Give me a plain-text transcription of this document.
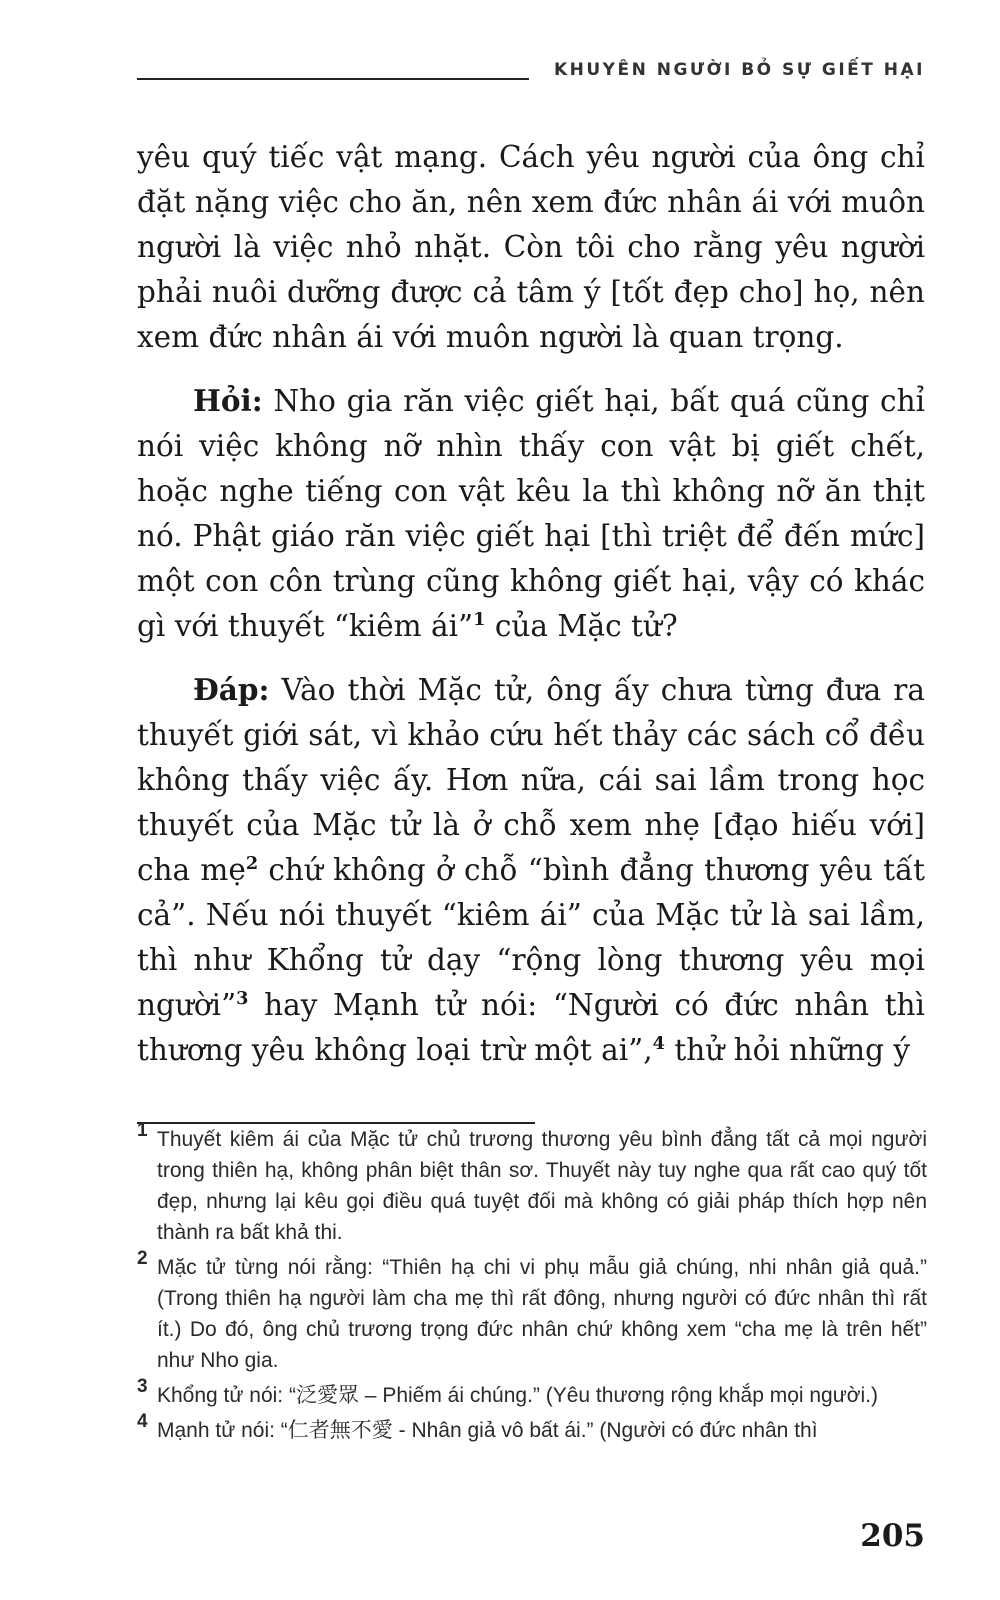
KHUYÊN NGƯỜI BỎ SỰ GIẾT HẠI

yêu quý tiếc vật mạng. Cách yêu người của ông chỉ đặt nặng việc cho ăn, nên xem đức nhân ái với muôn người là việc nhỏ nhặt. Còn tôi cho rằng yêu người phải nuôi dưỡng được cả tâm ý [tốt đẹp cho] họ, nên xem đức nhân ái với muôn người là quan trọng.

Hỏi: Nho gia răn việc giết hại, bất quá cũng chỉ nói việc không nỡ nhìn thấy con vật bị giết chết, hoặc nghe tiếng con vật kêu la thì không nỡ ăn thịt nó. Phật giáo răn việc giết hại [thì triệt để đến mức] một con côn trùng cũng không giết hại, vậy có khác gì với thuyết “kiêm ái”$^1$ của Mặc tử?

Đáp: Vào thời Mặc tử, ông ấy chưa từng đưa ra thuyết giới sát, vì khảo cứu hết thảy các sách cổ đều không thấy việc ấy. Hơn nữa, cái sai lầm trong học thuyết của Mặc tử là ở chỗ xem nhẹ [đạo hiếu với] cha mẹ$^2$ chứ không ở chỗ “bình đẳng thương yêu tất cả”. Nếu nói thuyết “kiêm ái” của Mặc tử là sai lầm, thì như Khổng tử dạy “rộng lòng thương yêu mọi người”$^3$ hay Mạnh tử nói: “Người có đức nhân thì thương yêu không loại trừ một ai”,$^4$ thử hỏi những ý

1 Thuyết kiêm ái của Mặc tử chủ trương thương yêu bình đẳng tất cả mọi người trong thiên hạ, không phân biệt thân sơ. Thuyết này tuy nghe qua rất cao quý tốt đẹp, nhưng lại kêu gọi điều quá tuyệt đối mà không có giải pháp thích hợp nên thành ra bất khả thi.
2 Mặc tử từng nói rằng: “Thiên hạ chi vi phụ mẫu giả chúng, nhi nhân giả quả.” (Trong thiên hạ người làm cha mẹ thì rất đông, nhưng người có đức nhân thì rất ít.) Do đó, ông chủ trương trọng đức nhân chứ không xem “cha mẹ là trên hết” như Nho gia.
3 Khổng tử nói: “泛愛眾 – Phiếm ái chúng.” (Yêu thương rộng khắp mọi người.)
4 Mạnh tử nói: “仁者無不愛 - Nhân giả vô bất ái.” (Người có đức nhân thì
205
